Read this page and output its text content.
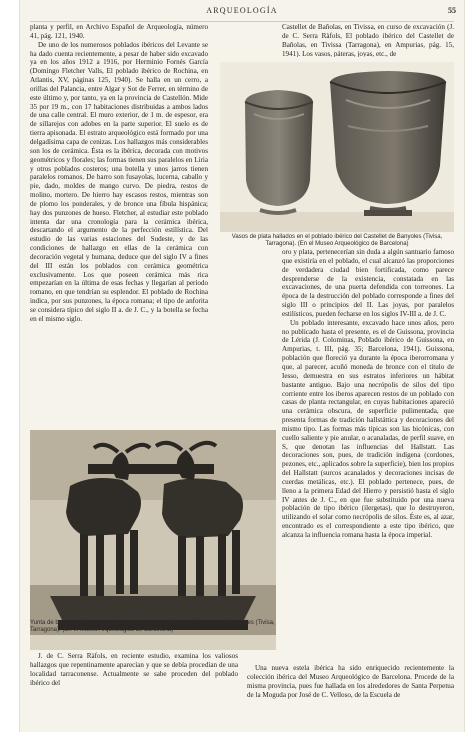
ARQUEOLOGÍA	55

planta y perfil, en Archivo Español de Arqueología, número 41, pág. 121, 1940.

De uno de los numerosos poblados ibéricos del Levante se ha dado cuenta recientemente, a pesar de haber sido excavado ya en los años 1912 a 1916, por Herminio Fornés García (Domingo Fletcher Valls, El poblado ibérico de Rochina, en Atlantis, XV, páginas 125, 1940). Se halla en un cerro, a orillas del Palancia, entre Algar y Sot de Ferrer, en término de este último y, por tanto, ya en la provincia de Castellón. Mide 35 por 19 m., con 17 habitaciones distribuidas a ambos lados de una calle central. El muro exterior, de 1 m. de espesor, era de sillarejos con adobes en la parte superior. El suelo es de tierra apisonada. El estrato arqueológico está formado por una delgadísima capa de cenizas. Los hallazgos más considerables son los de cerámica. Ésta es la ibérica, decorada con motivos geométricos y florales; las formas tienen sus paralelos en Liria y otros poblados costeros; una botella y unos jarros tienen paralelos romanos. De barro son fusayolas, lucerna, caballo y pie, dado, moldes de mango curvo. De piedra, restos de molino, mortero. De hierro hay escasos restos, mientras son de plomo los ponderales, y de bronce una fíbula hispánica; hay dos punzones de hueso. Fletcher, al estudiar este poblado intenta dar una cronología para la cerámica ibérica, descartando el argumento de la perfección estilística. Del estudio de las varias estaciones del Sudeste, y de las condiciones de hallazgo en ellas de la cerámica con decoración vegetal y humana, deduce que del siglo IV a fines del III están los poblados con cerámica geométrica exclusivamente. Los que poseen cerámica más rica empezarían en la última de esas fechas y llegarían al período romano, en que tendrían su esplendor. El poblado de Rochina indica, por sus punzones, la época romana; el tipo de anforita se considera típico del siglo II a. de J. C., y la botella se fecha en el mismo siglo.

Castellet de Bañolas, en Tivissa, en curso de excavación (J. de C. Serra Ràfols, El poblado ibérico del Castellet de Bañolas, en Tivissa (Tarragona), en Ampurias, pág. 15, 1941). Los vasos, páteras, joyas, etc., de

Vasos de plata hallados en el poblado ibérico del Castellet de Banyoles (Tivisa, Tarragona). (En el Museo Arqueológico de Barcelona)

oro y plata, pertenecerían sin duda a algún santuario famoso que existiría en el poblado, el cual alcanzó las proporciones de verdadera ciudad bien fortificada, como parece desprenderse de la existencia, constatada en las excavaciones, de una puerta defendida con torreones. La época de la destrucción del poblado corresponde a fines del siglo III o principios del II. Las joyas, por paralelos estilísticos, pueden fecharse en los siglos IV-III a. de J. C.

Un poblado interesante, excavado hace unos años, pero no publicado hasta el presente, es el de Guissona, provincia de Lérida (J. Colominas, Poblado ibérico de Guissona, en Ampurias, t. III, pág. 35; Barcelona, 1941). Guissona, población que floreció ya durante la época iberorromana y que, al parecer, acuñó moneda de bronce con el título de Iesso, demuestra en sus estratos inferiores un hábitat bastante antiguo. Bajo una necrópolis de silos del tipo corriente entre los iberos aparecen restos de un poblado con casas de planta rectangular, en cuyas habitaciones apareció una cerámica obscura, de superficie pulimentada, que presenta formas de tradición hallstáttica y decoraciones del mismo tipo. Las formas más típicas son las bicónicas, con cuello saliente y pie anular, o acanaladas, de perfil suave, en S, que denotan las influencias del Hallstatt. Las decoraciones son, pues, de tradición indígena (cordones, pezones, etc., aplicados sobre la superficie), bien los propios del Hallstatt (surcos acanalados y decoraciones incisas de cuerdas metálicas, etc.). El poblado pertenece, pues, de lleno a la primera Edad del Hierro y persistió hasta el siglo IV antes de J. C., en que fue substituido por una nueva población de tipo ibérico (ilergetas), que lo destruyeron, utilizando el solar como necrópolis de silos. Éste es, al azar, encontrado es el correspondiente a este tipo ibérico, que alcanza la influencia romana hasta la época imperial.

Yunta de bueyes, de bronce, hallada en el poblado ibérico del Castellet de Banyoles (Tivisa, Tarragona). (En el Museo Arqueológico de Barcelona)

J. de C. Serra Ràfols, en reciente estudio, examina los valiosos hallazgos que repentinamente aparecían y que se debía procedían de una localidad tarraconense. Actualmente se sabe proceden del poblado ibérico del

Una nueva estela ibérica ha sido enriquecido recientemente la colección ibérica del Museo Arqueológico de Barcelona. Procede de la misma provincia, pues fue hallada en los alrededores de Santa Perpetua de la Moguda por José de C. Velloso, de la Escuela de
